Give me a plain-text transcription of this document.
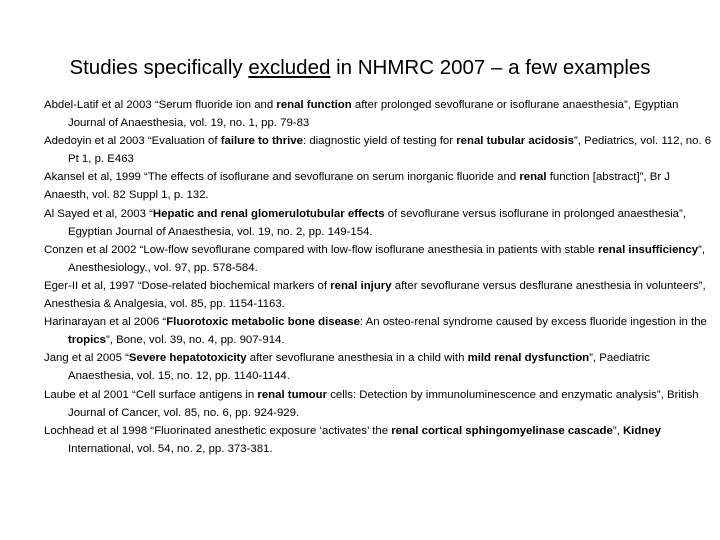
Studies specifically excluded in NHMRC 2007 – a few examples

Abdel-Latif et al 2003 “Serum fluoride ion and renal function after prolonged sevoflurane or isoflurane anaesthesia”, Egyptian Journal of Anaesthesia, vol. 19, no. 1, pp. 79-83

Adedoyin et al 2003 “Evaluation of failure to thrive: diagnostic yield of testing for renal tubular acidosis”, Pediatrics, vol. 112, no. 6 Pt 1, p. E463

Akansel et al, 1999 “The effects of isoflurane and sevoflurane on serum inorganic fluoride and renal function [abstract]”, Br J Anaesth, vol. 82 Suppl 1, p. 132.

Al Sayed et al, 2003 “Hepatic and renal glomerulotubular effects of sevoflurane versus isoflurane in prolonged anaesthesia”, Egyptian Journal of Anaesthesia, vol. 19, no. 2, pp. 149-154.

Conzen et al 2002 “Low-flow sevoflurane compared with low-flow isoflurane anesthesia in patients with stable renal insufficiency”, Anesthesiology., vol. 97, pp. 578-584.

Eger-II et al, 1997 “Dose-related biochemical markers of renal injury after sevoflurane versus desflurane anesthesia in volunteers”, Anesthesia & Analgesia, vol. 85, pp. 1154-1163.

Harinarayan et al 2006 “Fluorotoxic metabolic bone disease: An osteo-renal syndrome caused by excess fluoride ingestion in the tropics”, Bone, vol. 39, no. 4, pp. 907-914.

Jang et al 2005 “Severe hepatotoxicity after sevoflurane anesthesia in a child with mild renal dysfunction”, Paediatric Anaesthesia, vol. 15, no. 12, pp. 1140-1144.

Laube et al 2001 “Cell surface antigens in renal tumour cells: Detection by immunoluminescence and enzymatic analysis”, British Journal of Cancer, vol. 85, no. 6, pp. 924-929.

Lochhead et al 1998 “Fluorinated anesthetic exposure ‘activates’ the renal cortical sphingomyelinase cascade”, Kidney International, vol. 54, no. 2, pp. 373-381.
